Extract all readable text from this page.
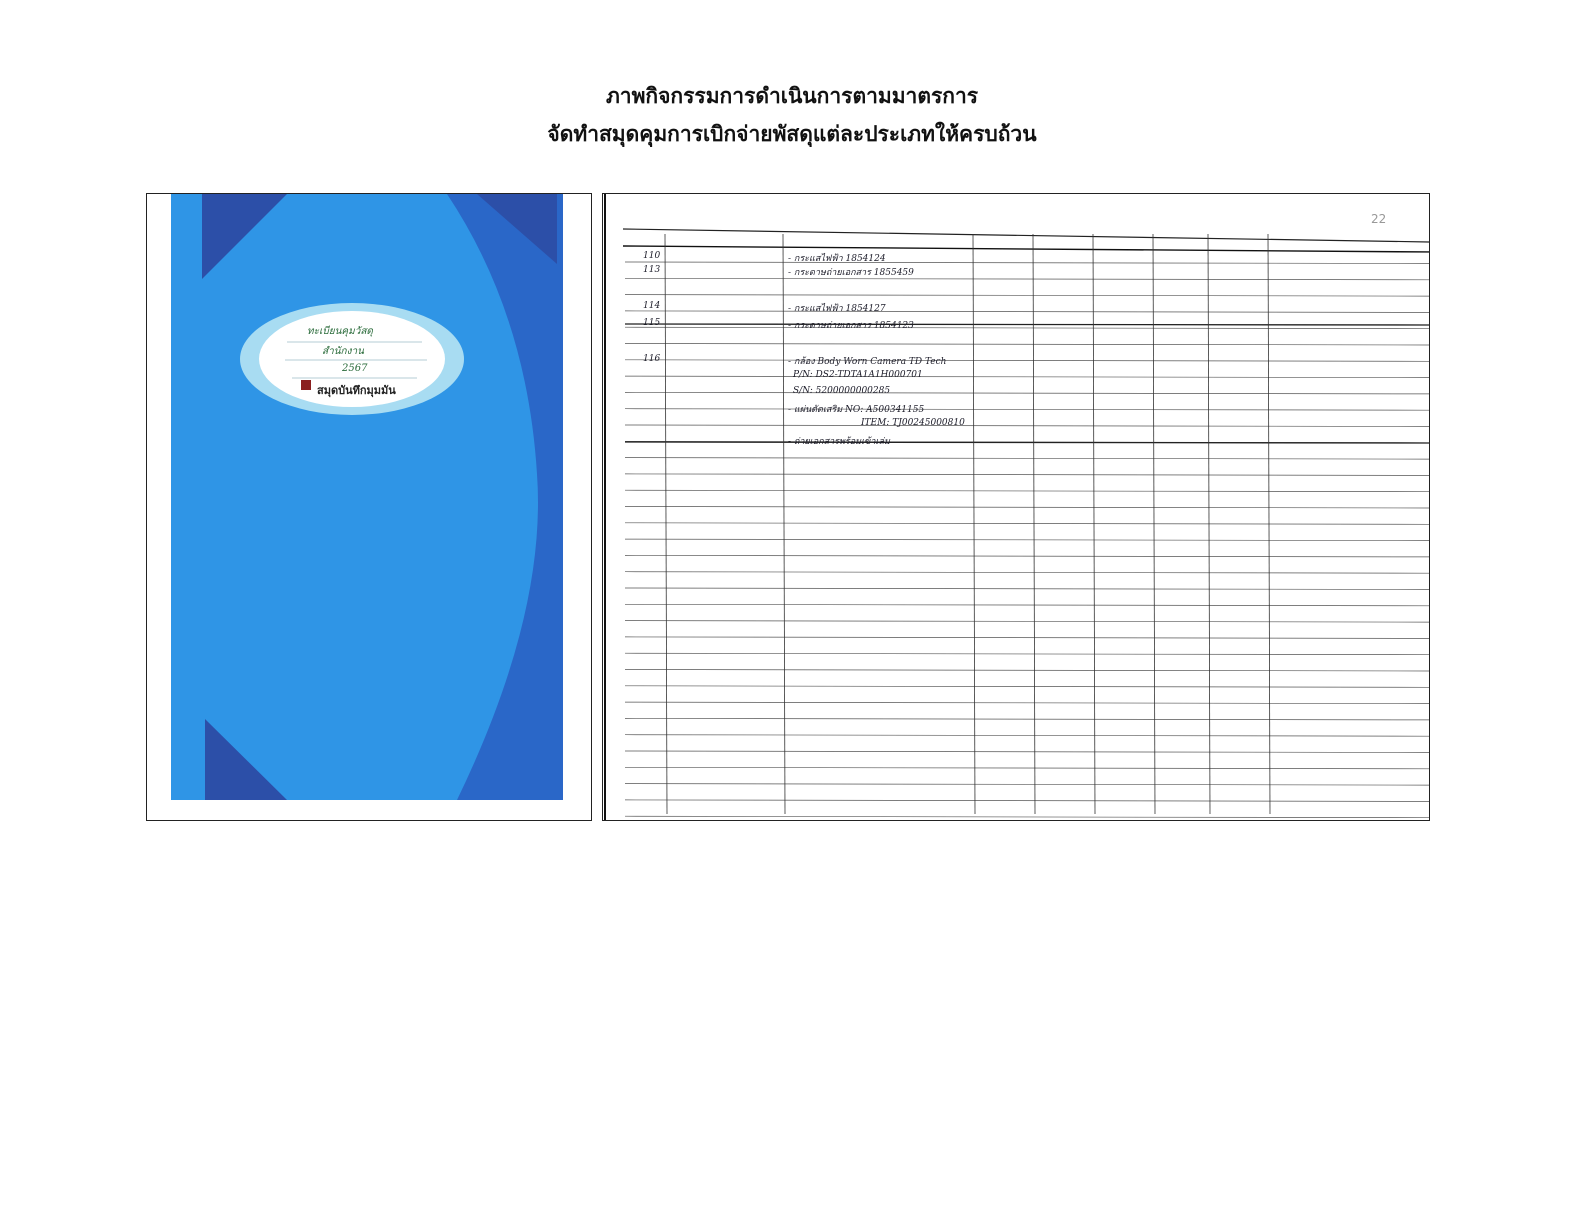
ภาพกิจกรรมการดำเนินการตามมาตรการ
จัดทำสมุดคุมการเบิกจ่ายพัสดุแต่ละประเภทให้ครบถ้วน
ทะเบียนคุมวัสดุ
สำนักงาน
2567
สมุดบันทึกมุมมัน
22
110	- กระแสไฟฟ้า 1854124
113	- กระดาษถ่ายเอกสาร 1855459
114	- กระแสไฟฟ้า 1854127
115	- กระดาษถ่ายเอกสาร 1854123
116	- กล้อง Body Worn Camera TD Tech
P/N: DS2-TDTA1A1H000701
S/N: 5200000000285
- แผ่นตัดเสริม NO: A500341155
ITEM: TJ00245000810
- ถ่ายเอกสารพร้อมเข้าเล่ม
